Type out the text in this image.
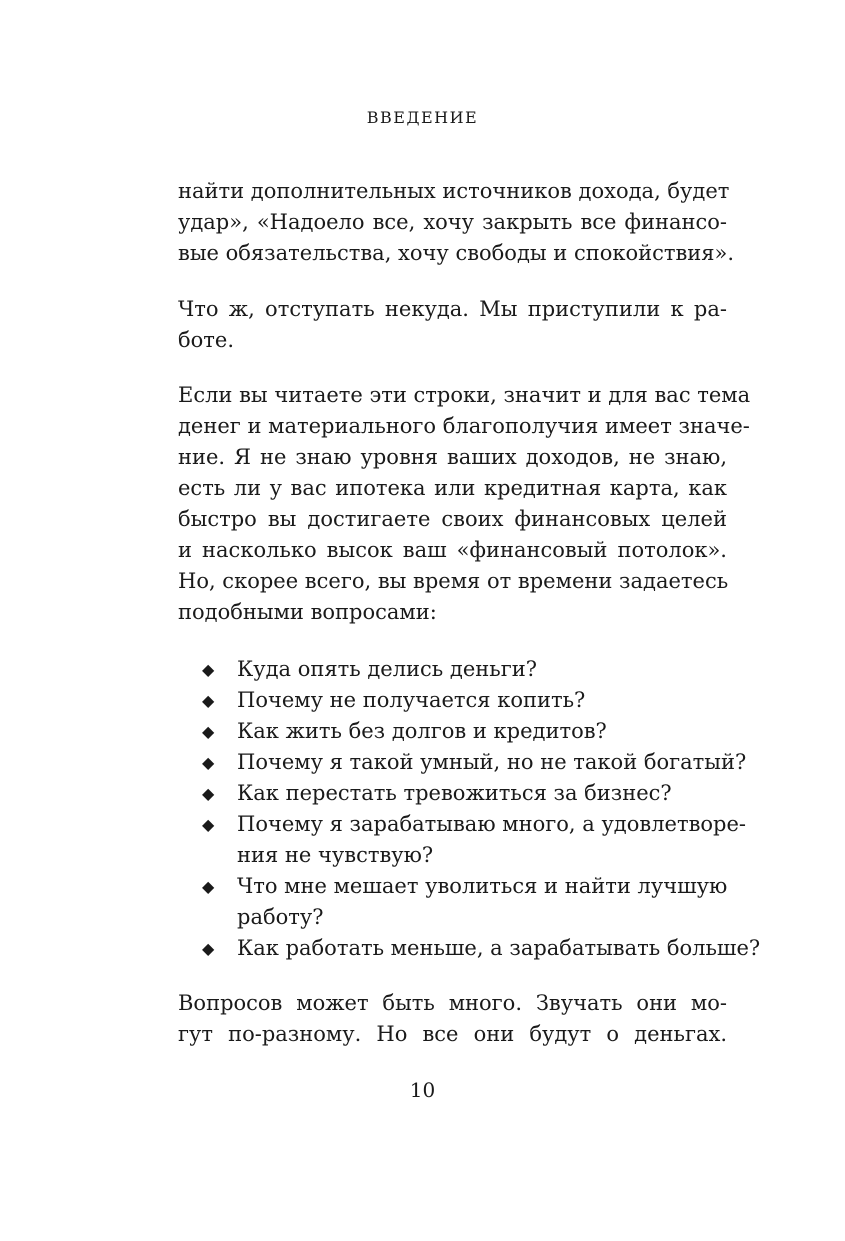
ВВЕДЕНИЕ
найти дополнительных источников дохода, будет
удар», «Надоело все, хочу закрыть все финансо-
вые обязательства, хочу свободы и спокойствия».
Что ж, отступать некуда. Мы приступили к ра-
боте.
Если вы читаете эти строки, значит и для вас тема
денег и материального благополучия имеет значе-
ние. Я не знаю уровня ваших доходов, не знаю,
есть ли у вас ипотека или кредитная карта, как
быстро вы достигаете своих финансовых целей
и насколько высок ваш «финансовый потолок».
Но, скорее всего, вы время от времени задаетесь
подобными вопросами:
◆ Куда опять делись деньги?
◆ Почему не получается копить?
◆ Как жить без долгов и кредитов?
◆ Почему я такой умный, но не такой богатый?
◆ Как перестать тревожиться за бизнес?
◆ Почему я зарабатываю много, а удовлетворе-
ния не чувствую?
◆ Что мне мешает уволиться и найти лучшую
работу?
◆ Как работать меньше, а зарабатывать больше?
Вопросов может быть много. Звучать они мо-
гут по-разному. Но все они будут о деньгах.
10
